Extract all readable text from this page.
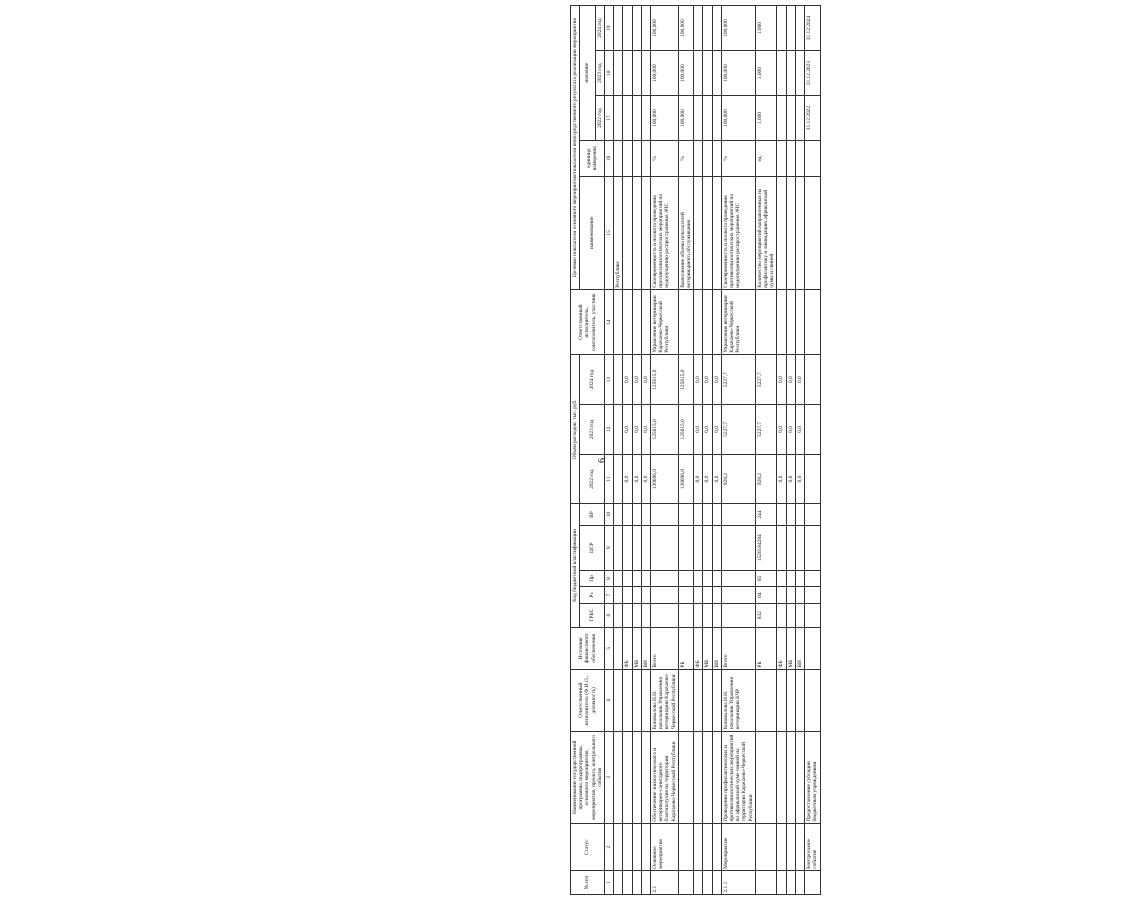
№ п/п	Статус	Наименование государственной программы, подпрограммы, основного мероприятия, мероприятия, проекта, контрольного события	Ответственный исполнитель (Ф.И.О., должность)	Источник финансового обеспечения	Код бюджетной классификации					Объем расходов, тыс. руб.			Ответственный исполнитель, соисполнитель, участник	Целевые показатели основного мероприятия/показатели непосредственного результата реализации мероприятия				
					ГРБС	Рз	Пр	ЦСР	ВР	2022 год	2023 год	2024 год		наименование	единица измерения	значение		
																2022 год	2023 год	2024 год
1	2	3	4	5	6	7	8	9	10	11	12	13	14	15	16	17	18	19
														Республике				
				ФБ						0,0	0,0	0,0						
				МБ						0,0	0,0	0,0						
				ВИ						0,0	0,0	0,0						
2.1	Основное мероприятие	Обеспечение эпизоотического и ветеринарно-санитарного благополучия на территории Карачаево-Черкесской Республики	Коновалова Н.Н. начальник Управления ветеринарии Карачаево-Черкесской Республики	Всего						130696,0	125615,0	125615,0	Управление ветеринарии Карачаево-Черкесской Республики	Своевременность и полнота проведения противоэпизоотических мероприятий по недопущению распространения АЧС	%	100,000	100,000	100,000
				РБ						130696,0	125615,0	125615,0		Выполнение объема показателей ветеринарного обслуживания	%	100,000	100,000	100,000
				ФБ						0,0	0,0	0,0						
				МБ						0,0	0,0	0,0						
				ВИ						0,0	0,0	0,0						
2.1.1	Мероприятие	Проведение профилактических и противоэпизоотических мероприятий по африканской чуме свиней на территории Карачаево-Черкесской Республики	Коновалова Н.Н. начальник Управления ветеринарии КЧР	Всего						928,2	5227,7	5227,7	Управление ветеринарии Карачаево-Черкесской Республики	Своевременность и полнота проведения противоэпизоотических мероприятий по недопущению распространения АЧС	%	100,000	100,000	100,000
				РБ	832	04	05	1520184284	244	928,2	5227,7	5227,7		Количество мероприятий направленных на профилактику и ликвидацию африканской чумы и свиней	ед.	1,000	1,000	1,000
				ФБ						0,0	0,0	0,0						
				МБ						0,0	0,0	0,0						
				ВИ						0,0	0,0	0,0						
	Контрольное событие	Предоставление субсидии бюджетным учреждениям														31.12.2022	31.12.2023	31.12.2024
6
